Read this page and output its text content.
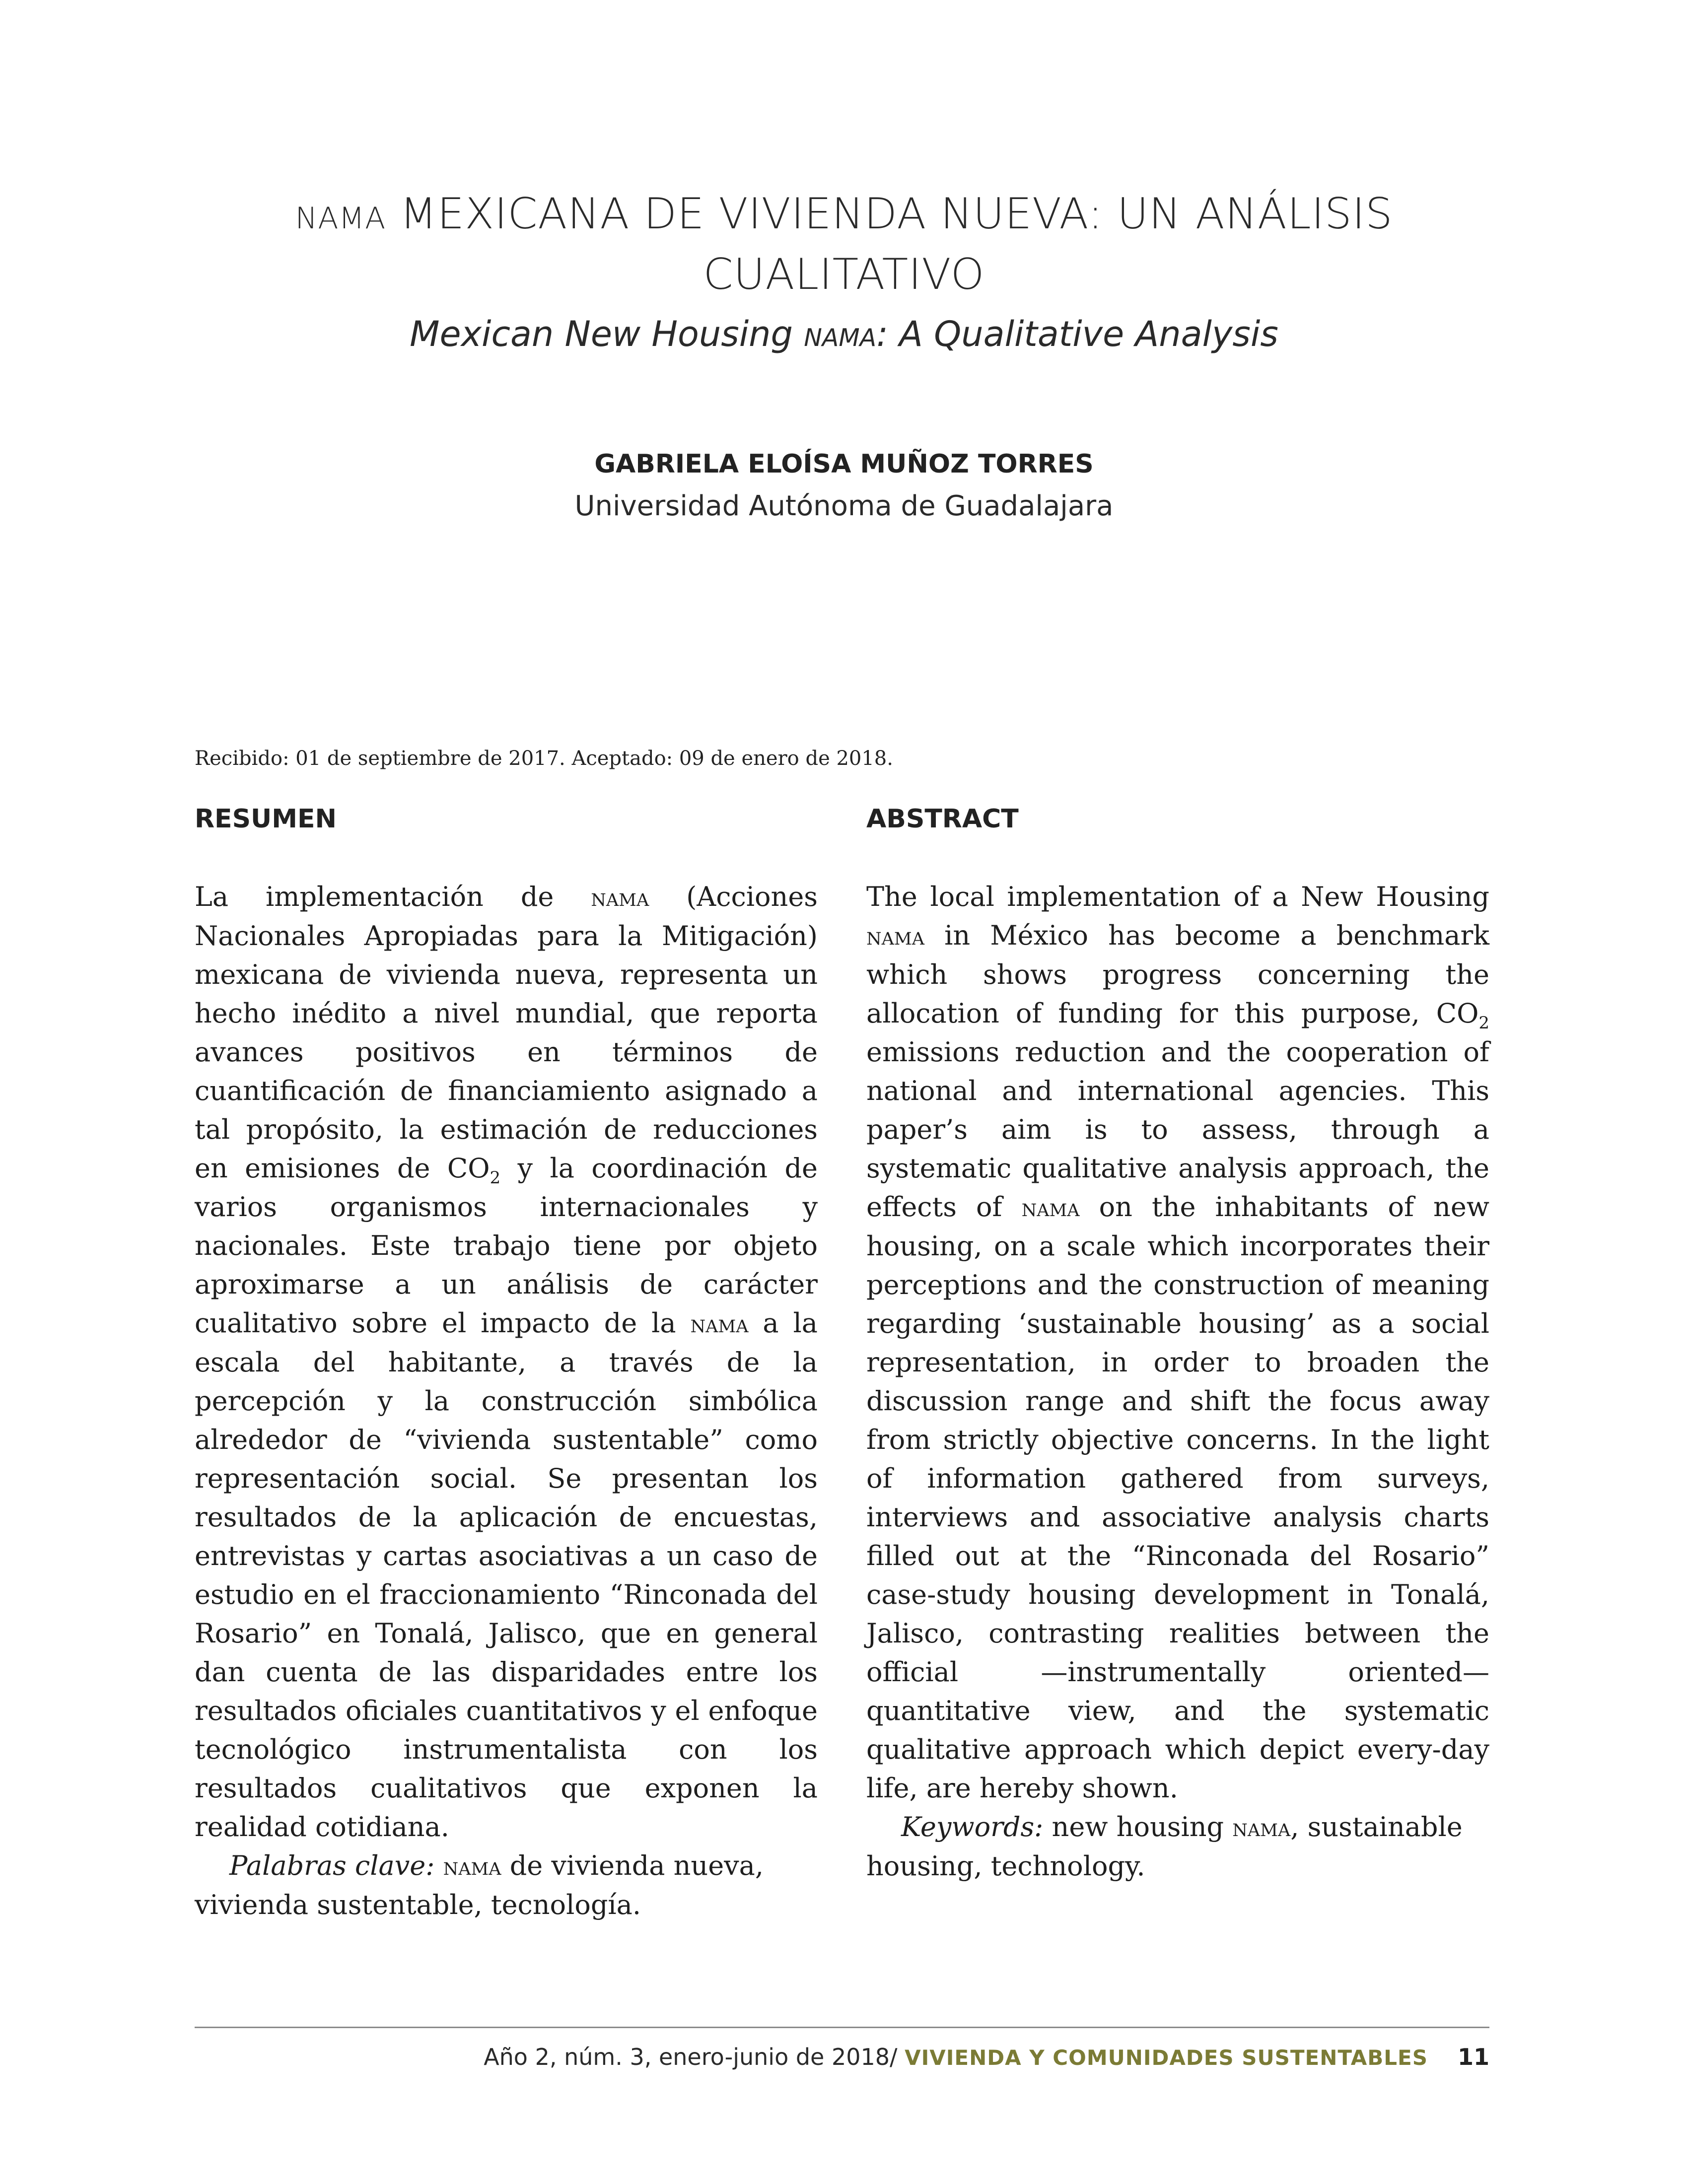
nama MEXICANA DE VIVIENDA NUEVA: UN ANÁLISIS
CUALITATIVO
Mexican New Housing nama: A Qualitative Analysis
GABRIELA ELOÍSA MUÑOZ TORRES
Universidad Autónoma de Guadalajara
Recibido: 01 de septiembre de 2017. Aceptado: 09 de enero de 2018.
RESUMEN	ABSTRACT

La implementación de nama (Acciones Nacionales Apropiadas para la Mitigación) mexicana de vivienda nueva, representa un hecho inédito a nivel mundial, que reporta avances positivos en términos de cuantificación de financiamiento asignado a tal propósito, la estimación de reducciones en emisiones de $CO_2$ y la coordinación de varios organismos internacionales y nacionales. Este trabajo tiene por objeto aproximarse a un análisis de carácter cualitativo sobre el impacto de la nama a la escala del habitante, a través de la percepción y la construcción simbólica alrededor de “vivienda sustentable” como representación social. Se presentan los resultados de la aplicación de encuestas, entrevistas y cartas asociativas a un caso de estudio en el fraccionamiento “Rinconada del Rosario” en Tonalá, Jalisco, que en general dan cuenta de las disparidades entre los resultados oficiales cuantitativos y el enfoque tecnológico instrumentalista con los resultados cualitativos que exponen la realidad cotidiana.

Palabras clave: nama de vivienda nueva, vivienda sustentable, tecnología.

The local implementation of a New Housing nama in México has become a benchmark which shows progress concerning the allocation of funding for this purpose, $CO_2$ emissions reduction and the cooperation of national and international agencies. This paper’s aim is to assess, through a systematic qualitative analysis approach, the effects of nama on the inhabitants of new housing, on a scale which incorporates their perceptions and the construction of meaning regarding ‘sustainable housing’ as a social representation, in order to broaden the discussion range and shift the focus away from strictly objective concerns. In the light of information gathered from surveys, interviews and associative analysis charts filled out at the “Rinconada del Rosario” case-study housing development in Tonalá, Jalisco, contrasting realities between the official —instrumentally oriented— quantitative view, and the systematic qualitative approach which depict every-day life, are hereby shown.

Keywords: new housing nama, sustainable housing, technology.

Año 2, núm. 3, enero-junio de 2018/ VIVIENDA Y COMUNIDADES SUSTENTABLES 11
